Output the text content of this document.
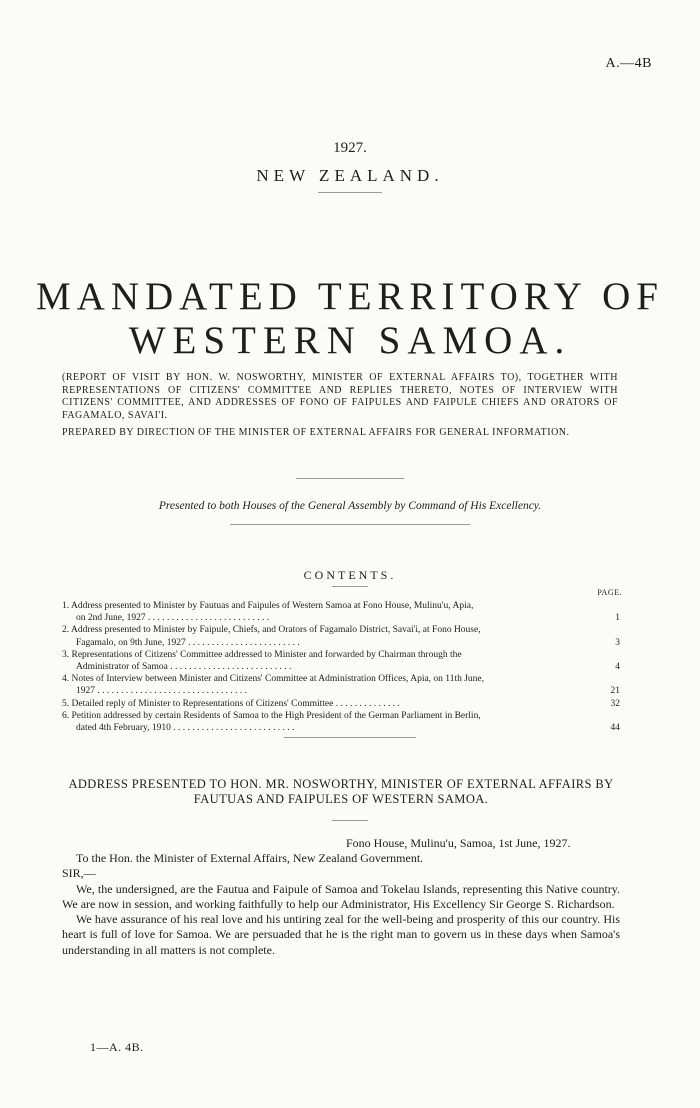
A.—4B
1927.
NEW ZEALAND.
MANDATED TERRITORY OF
WESTERN SAMOA.
(REPORT OF VISIT BY HON. W. NOSWORTHY, MINISTER OF EXTERNAL AFFAIRS TO), TOGETHER WITH REPRESENTATIONS OF CITIZENS' COMMITTEE AND REPLIES THERETO, NOTES OF INTERVIEW WITH CITIZENS' COMMITTEE, AND ADDRESSES OF FONO OF FAIPULES AND FAIPULE CHIEFS AND ORATORS OF FAGAMALO, SAVAI'I.
PREPARED BY DIRECTION OF THE MINISTER OF EXTERNAL AFFAIRS FOR GENERAL INFORMATION.
Presented to both Houses of the General Assembly by Command of His Excellency.
CONTENTS.
PAGE.
1. Address presented to Minister by Fautuas and Faipules of Western Samoa at Fono House, Mulinu'u, Apia,
on 2nd June, 1927 . . . . . . . . . . . . . . . . . . . . . . . . . .	1
2. Address presented to Minister by Faipule, Chiefs, and Orators of Fagamalo District, Savai'i, at Fono House,
Fagamalo, on 9th June, 1927 . . . . . . . . . . . . . . . . . . . . . . . .	3
3. Representations of Citizens' Committee addressed to Minister and forwarded by Chairman through the
Administrator of Samoa . . . . . . . . . . . . . . . . . . . . . . . . . .	4
4. Notes of Interview between Minister and Citizens' Committee at Administration Offices, Apia, on 11th June,
1927 . . . . . . . . . . . . . . . . . . . . . . . . . . . . . . . .	21
5. Detailed reply of Minister to Representations of Citizens' Committee . . . . . . . . . . . . . .	32
6. Petition addressed by certain Residents of Samoa to the High President of the German Parliament in Berlin,
dated 4th February, 1910 . . . . . . . . . . . . . . . . . . . . . . . . . .	44
ADDRESS PRESENTED TO HON. MR. NOSWORTHY, MINISTER OF EXTERNAL AFFAIRS BY FAUTUAS AND FAIPULES OF WESTERN SAMOA.
Fono House, Mulinu'u, Samoa, 1st June, 1927.

To the Hon. the Minister of External Affairs, New Zealand Government.

SIR,—

We, the undersigned, are the Fautua and Faipule of Samoa and Tokelau Islands, representing this Native country. We are now in session, and working faithfully to help our Administrator, His Excellency Sir George S. Richardson.

We have assurance of his real love and his untiring zeal for the well-being and prosperity of this our country. His heart is full of love for Samoa. We are persuaded that he is the right man to govern us in these days when Samoa's understanding in all matters is not complete.

1—A. 4B.
